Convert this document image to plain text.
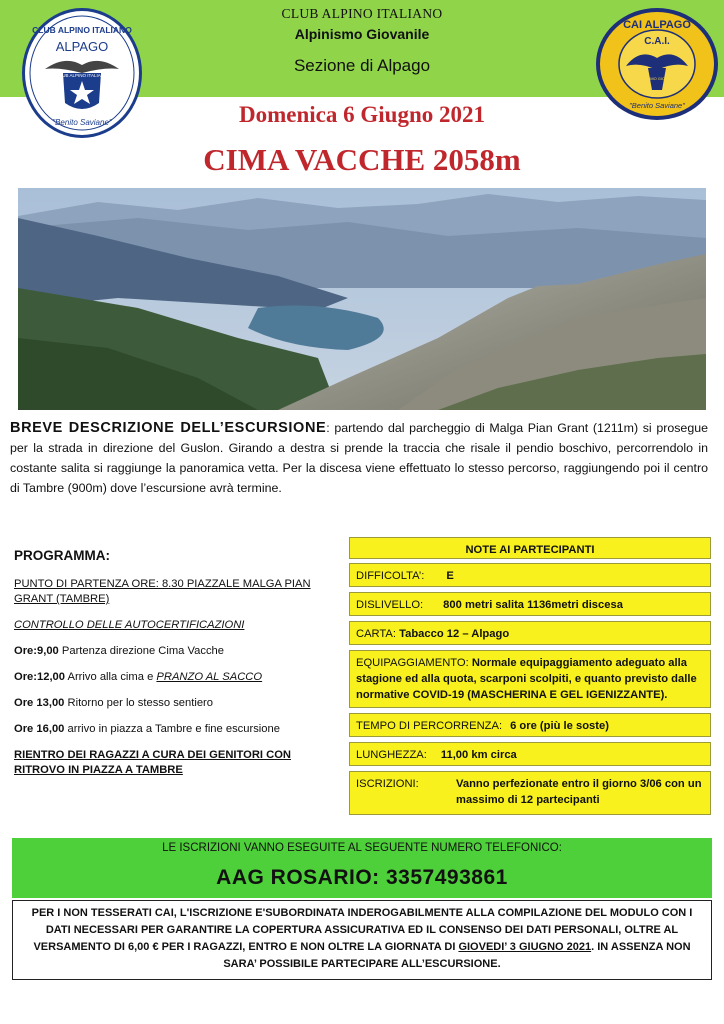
CLUB ALPINO ITALIANO
ALPAGO
CLUB ALPINO ITALIANO
"Benito Saviane"
CLUB ALPINO ITALIANO
Alpinismo Giovanile
Sezione di Alpago
CAI ALPAGO
C.A.I.
ALPINISMO GIOVANILE
"Benito Saviane"
Domenica 6 Giugno 2021
CIMA VACCHE 2058m
BREVE DESCRIZIONE DELL’ESCURSIONE: partendo dal parcheggio di Malga Pian Grant (1211m) si prosegue per la strada in direzione del Guslon. Girando a destra si prende la traccia che risale il pendio boschivo, percorrendolo in costante salita si raggiunge la panoramica vetta. Per la discesa viene effettuato lo stesso percorso, raggiungendo poi il centro di Tambre (900m) dove l’escursione avrà termine.
PROGRAMMA:
PUNTO DI PARTENZA ORE: 8.30 PIAZZALE MALGA PIAN GRANT (TAMBRE)
CONTROLLO DELLE AUTOCERTIFICAZIONI
Ore:9,00 Partenza direzione Cima Vacche
Ore:12,00 Arrivo alla cima e PRANZO AL SACCO
Ore 13,00 Ritorno per lo stesso sentiero
Ore 16,00 arrivo in piazza a Tambre e fine escursione
RIENTRO DEI RAGAZZI A CURA DEI GENITORI CON RITROVO IN PIAZZA A TAMBRE
NOTE AI PARTECIPANTI
DIFFICOLTA’: E
DISLIVELLO: 800 metri salita 1136metri discesa
CARTA: Tabacco 12 – Alpago
EQUIPAGGIAMENTO: Normale equipaggiamento adeguato alla stagione ed alla quota, scarponi scolpiti, e quanto previsto dalle normative COVID-19 (MASCHERINA E GEL IGENIZZANTE).
TEMPO DI PERCORRENZA: 6 ore (più le soste)
LUNGHEZZA: 11,00 km circa
ISCRIZIONI:	Vanno perfezionate entro il giorno 3/06 con un massimo di 12 partecipanti
LE ISCRIZIONI VANNO ESEGUITE AL SEGUENTE NUMERO TELEFONICO:
AAG ROSARIO: 3357493861
PER I NON TESSERATI CAI, L'ISCRIZIONE E'SUBORDINATA INDEROGABILMENTE ALLA COMPILAZIONE DEL MODULO CON I DATI NECESSARI PER GARANTIRE LA COPERTURA ASSICURATIVA ED IL CONSENSO DEI DATI PERSONALI, OLTRE AL VERSAMENTO DI 6,00 € PER I RAGAZZI, ENTRO E NON OLTRE LA GIORNATA DI GIOVEDI’ 3 GIUGNO 2021. IN ASSENZA NON SARA’ POSSIBILE PARTECIPARE ALL’ESCURSIONE.
